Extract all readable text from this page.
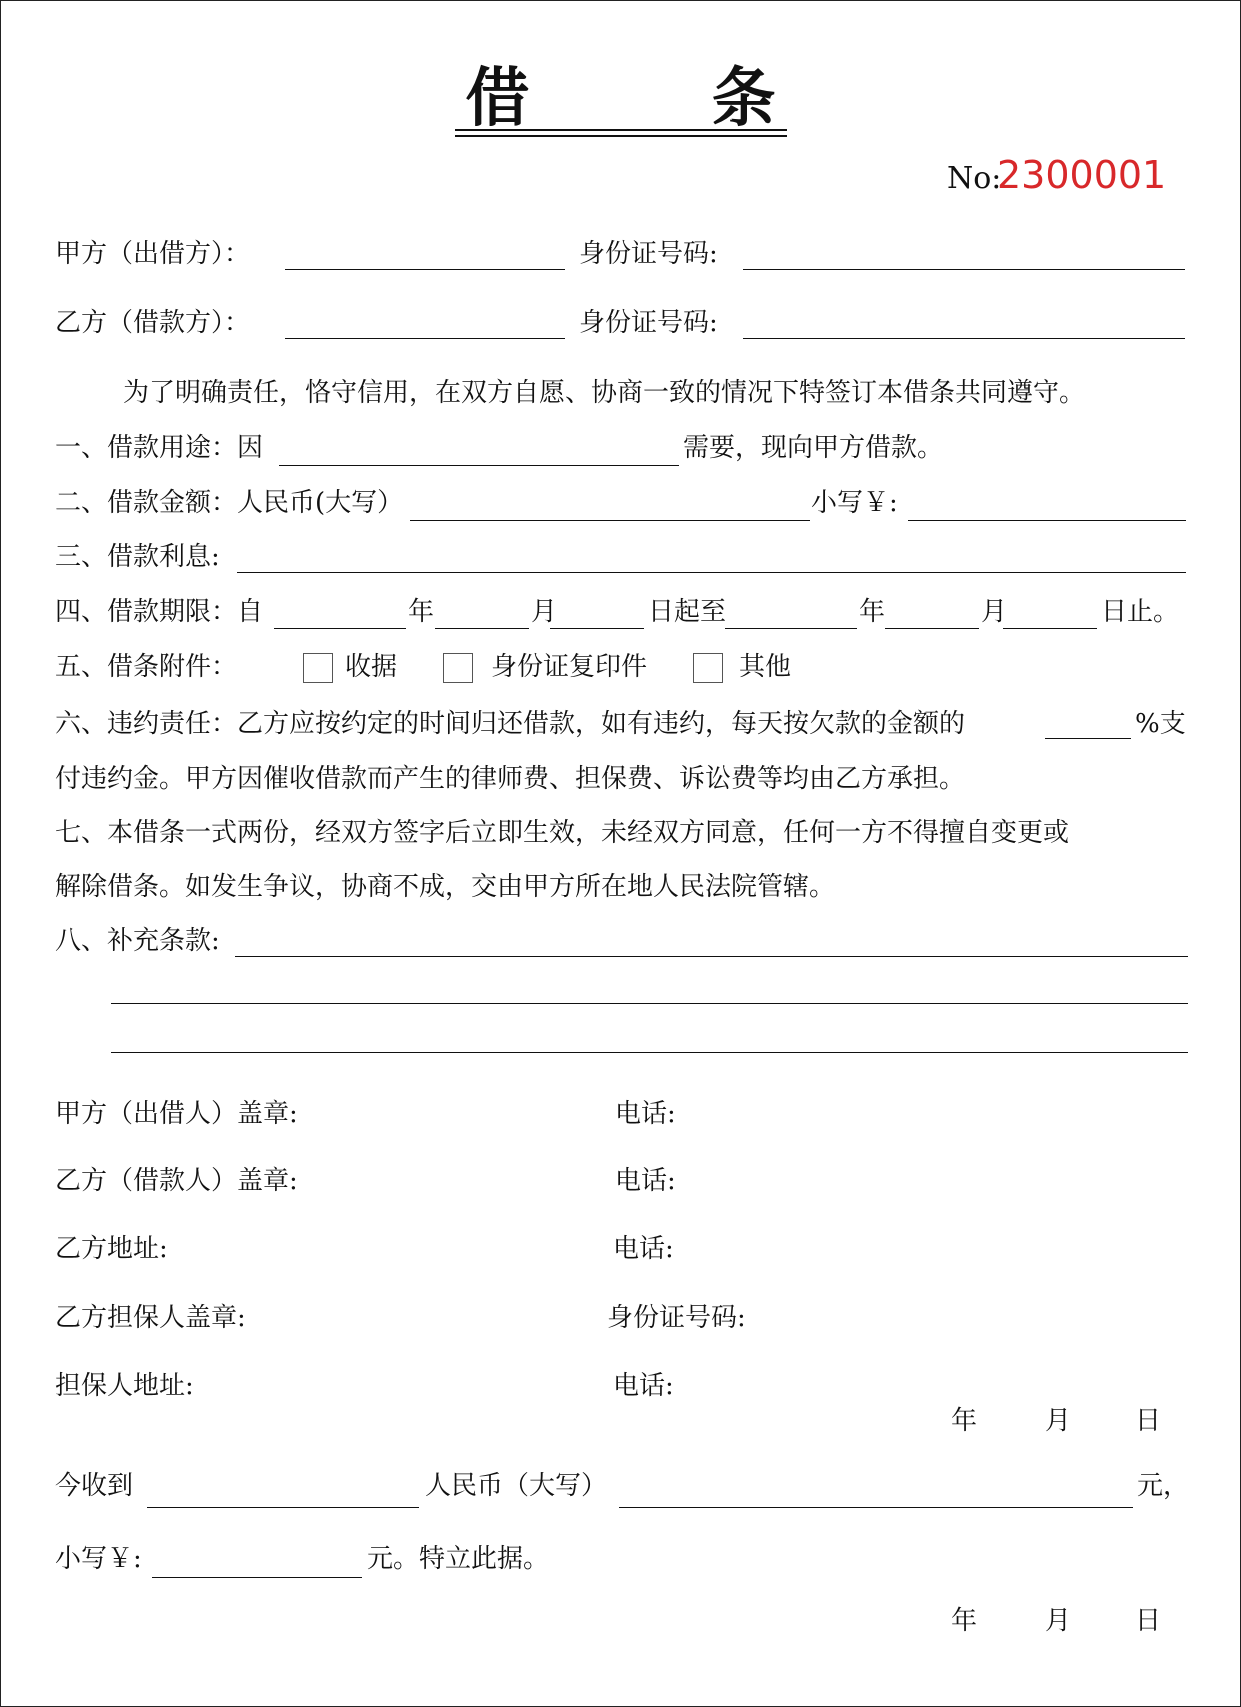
借 条
No:
2300001
甲方（出借方）：	身份证号码:
乙方（借款方）：	身份证号码:
为了明确责任，恪守信用，在双方自愿、协商一致的情况下特签订本借条共同遵守。
一、借款用途：因	需要，现向甲方借款。
二、借款金额：人民币(大写）	小写￥:
三、借款利息:
四、借款期限：自	年	月	日起至	年	月	日止。
五、借条附件：	收据	身份证复印件	其他
六、违约责任：乙方应按约定的时间归还借款，如有违约，每天按欠款的金额的	%支
付违约金。甲方因催收借款而产生的律师费、担保费、诉讼费等均由乙方承担。
七、本借条一式两份，经双方签字后立即生效，未经双方同意，任何一方不得擅自变更或
解除借条。如发生争议，协商不成，交由甲方所在地人民法院管辖。
八、补充条款:
甲方（出借人）盖章:	电话:
乙方（借款人）盖章:	电话:
乙方地址:	电话:
乙方担保人盖章:	身份证号码:
担保人地址:	电话:
年	月 日
今收到	人民币（大写）	元，
小写￥:	元。特立此据。
年	月 日
